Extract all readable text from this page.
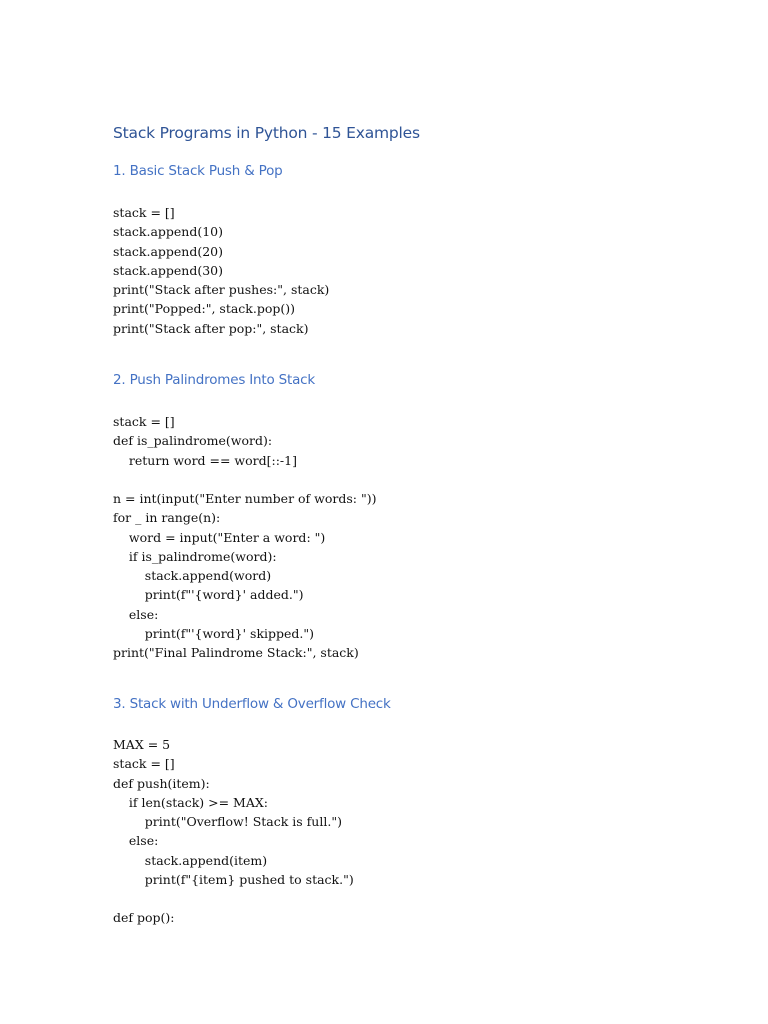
Stack Programs in Python - 15 Examples
1. Basic Stack Push & Pop
stack = []
stack.append(10)
stack.append(20)
stack.append(30)
print("Stack after pushes:", stack)
print("Popped:", stack.pop())
print("Stack after pop:", stack)
2. Push Palindromes Into Stack
stack = []
def is_palindrome(word):
return word == word[::-1]
n = int(input("Enter number of words: "))
for _ in range(n):
word = input("Enter a word: ")
if is_palindrome(word):
stack.append(word)
print(f"'{word}' added.")
else:
print(f"'{word}' skipped.")
print("Final Palindrome Stack:", stack)
3. Stack with Underflow & Overflow Check
MAX = 5
stack = []
def push(item):
if len(stack) >= MAX:
print("Overflow! Stack is full.")
else:
stack.append(item)
print(f"{item} pushed to stack.")
def pop():
